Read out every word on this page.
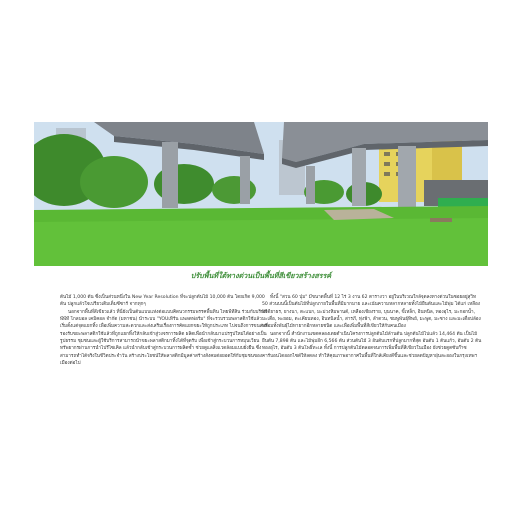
ปรับพื้นที่ใต้ทางด่วนเป็นพื้นที่สีเขียวสร้างสรรค์

ต้นไม้ 1,000 ต้น ซึ่งเป็นส่วนหนึ่งใน New Year Resolution ที่จะปลูกต้นไม้ 10,000 ต้น โดยเกิด 9,000 ต้น ปลูกแล้วใจเปรียวเติมเต็มซีซาร์ จากทุกๆ

นอกจากพื้นที่สีเขียวแล้ว ที่นี่ยังเป็นต้นแบบแห่งต่อแบบคิดนวกรรมพรรคพื้นทิน ไทยพีทีสิน ร่วมกับบริษัท พีพีที โกลบอล เคมิคอล จำกัด (มหาชน) นำระบบ "YOUเทิร์น แพลตฟอร์ม" ที่จะรวบรวมพลาสติกใช้แล้ว เริ่มตั้งแต่จุดแยกทิ้ง เพื่อเพิ่มความสะดวกและส่งเสริมเรื่องการคัดแยกขยะให้ถูกประเภท ไปจนถึงการขนส่งที่รองรับขยะพลาสติกใช้แล้วที่ถูกแยกทิ้งให้กลับเข้าสู่วงจรการผลิต ผลิตเพื่อนำกลับมาแปรรูปใหม่ได้อย่างเป็นรูปธรรม ชุมชนและผู้ใช้บริการสามารถนำขยะพลาสติกมาทิ้งได้ที่จุดรับ เพื่อเข้าสู่กระบวนการหมุนเวียนทรัพยากรผ่านการนำไปรีไซเคิล แล้วนำกลับเข้าสู่กระบวนการผลิตซ้ำ ช่วยดูแลสิ่งแวดล้อมแบบยั่งยืน ซึ่งสามารถทำได้จริงในชีวิตประจำวัน สร้างประโยชน์ให้พลาสติกมีมูลค่าสร้างสังคมต่อยอดให้กับชุมชนของเมืองต่อไป

ทั้งนี้ "สวน 60 ปุ่ม" มีขนาดพื้นที่ 12 ไร่ 3 งาน 62 ตารางวา อยู่ในบริเวณใกล้จุดลงทางด่วนในซอยอยู่สุวิท 50 ส่วนบนนี้เป็นต้นไม้ที่ปลูกภายในพื้นที่มีมากมาย และเน้นความหลากหลายทั้งไม้ยืนต้นและไม้พุ่ม ได้แก่ เหลืองปรีดียาธร, ยางนา, ตะแบก, มะม่วงหิมพานต์, เหลืองเชียงราย, บุนนาค, ขี้เหล็ก, อินทนิล, ทองอุไร, มะกอกน้ำ, มะเดื่อ, พะยอม, ตะเคียนทอง, อินทนิลน้ำ, สารภี, ทุ่งฟ้า, ลำดวน, ชมพูพันธุ์ทิพย์, มะพูด, มะซาง และมะเดื่อปล้อง พร้อมทั้งพันธุ์ไม้หายากอีกหลายชนิด และเพื่อเพิ่มพื้นที่สีเขียวให้กับคนเมือง

นอกจากนี้ สำนักงานเขตคลองเตยดำเนินโครงการปลูกต้นไม้ล้านต้น ปลูกต้นไม้ไปแล้ว 14,464 ต้น เป็นไม้ยืนต้น 7,898 ต้น และไม้พุ่มอีก 6,566 ต้น ส่วนต้นไม้ 3 อันดับแรกที่ปลูกมากที่สุด อันดับ 1 ต้นแก้ว, อันดับ 2 ต้นทองอุไร, อันดับ 3 ต้นโพธิ์ทะเล ทั้งนี้ การปลูกต้นไม้ตลอดจนการเพิ่มพื้นที่สีเขียวในเมือง ยังช่วยดูดซับก๊าซคาร์บอนไดออกไซด์ให้ลดลง ทำให้คุณภาพอากาศในพื้นที่ใกล้เคียงดีขึ้นและช่วยลดปัญหาฝุ่นละอองในกรุงเทพฯ
